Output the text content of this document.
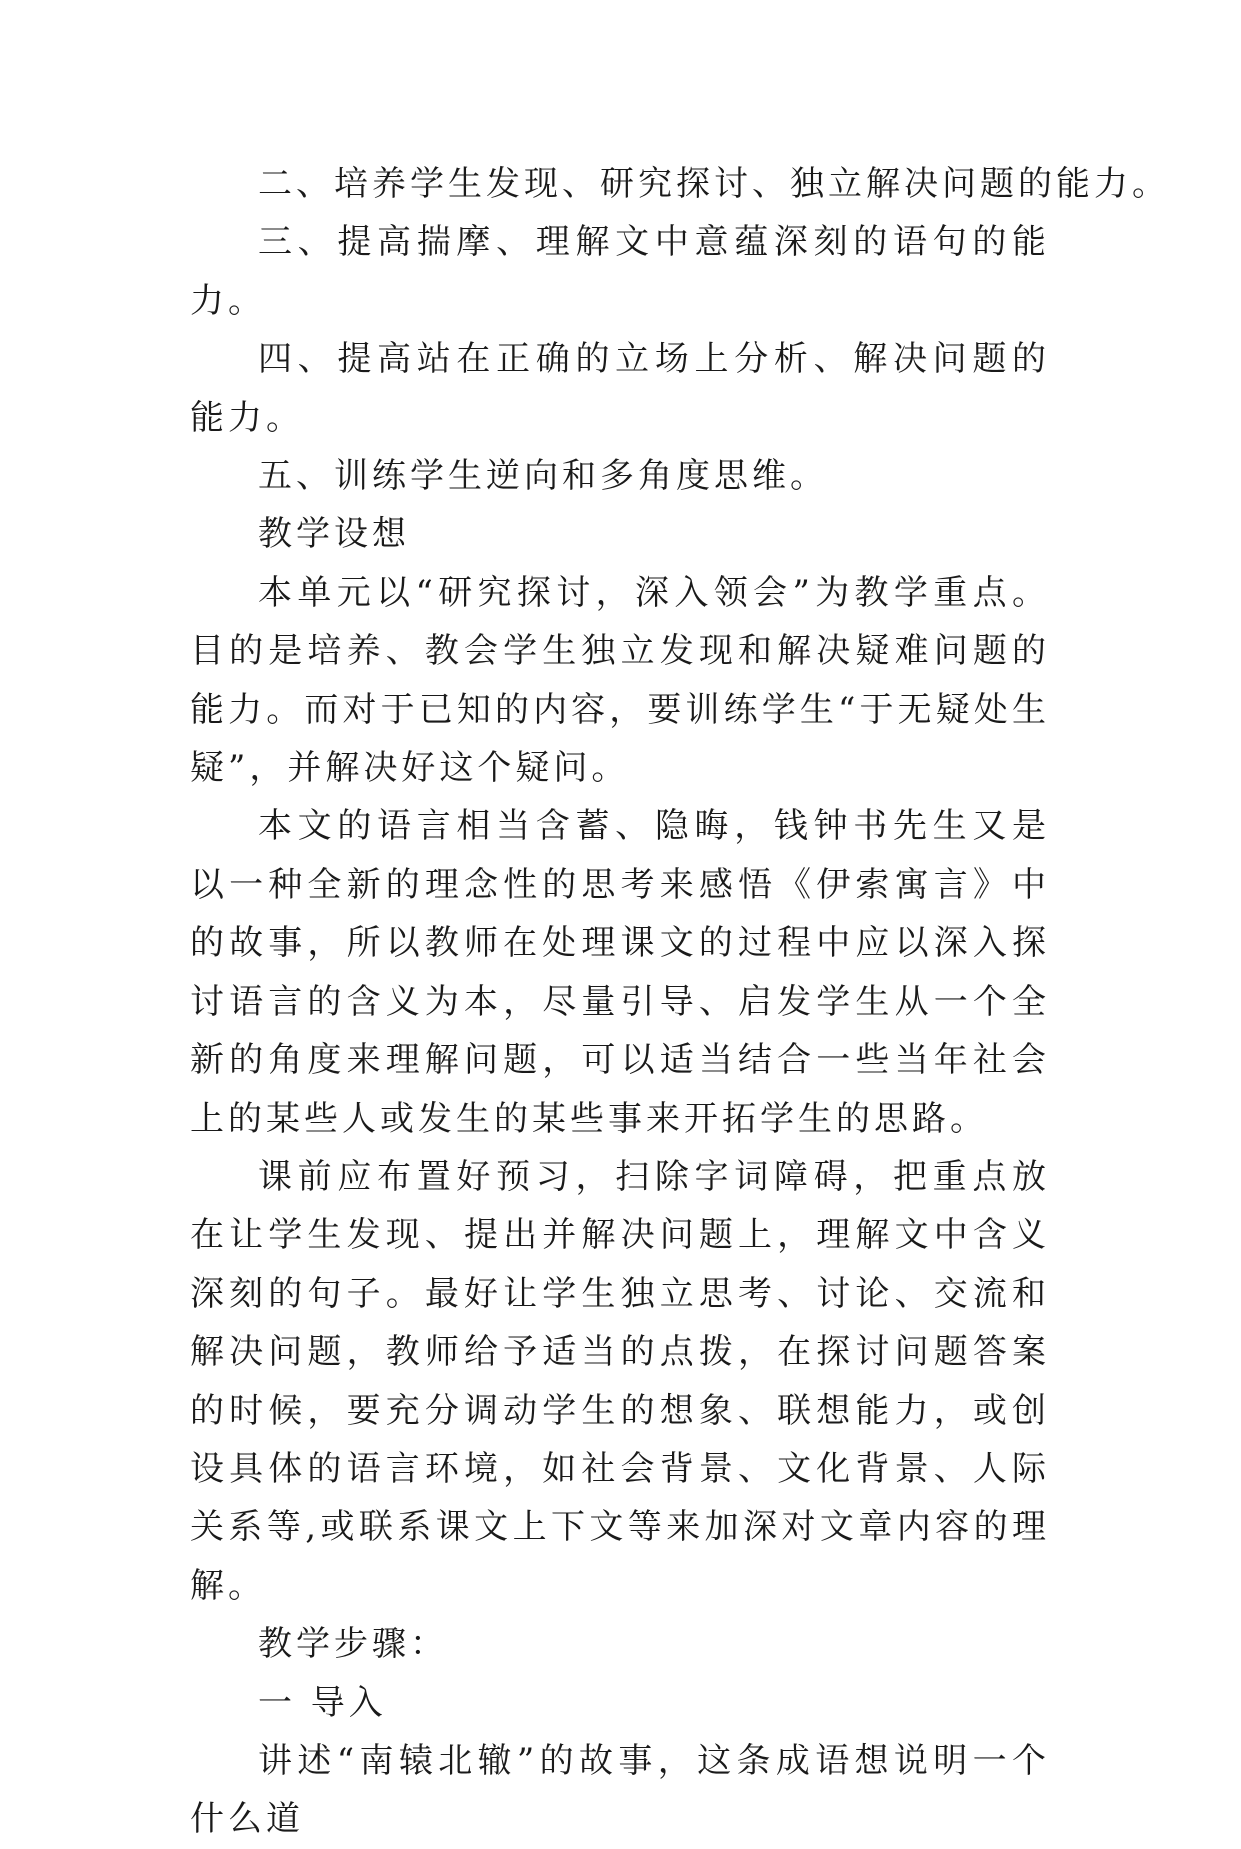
二、培养学生发现、研究探讨、独立解决问题的能力。

三、提高揣摩、理解文中意蕴深刻的语句的能力。

四、提高站在正确的立场上分析、解决问题的能力。

五、训练学生逆向和多角度思维。

教学设想

本单元以“研究探讨，深入领会”为教学重点。目的是培养、教会学生独立发现和解决疑难问题的能力。而对于已知的内容，要训练学生“于无疑处生疑”，并解决好这个疑问。

本文的语言相当含蓄、隐晦，钱钟书先生又是以一种全新的理念性的思考来感悟《伊索寓言》中的故事，所以教师在处理课文的过程中应以深入探讨语言的含义为本，尽量引导、启发学生从一个全新的角度来理解问题，可以适当结合一些当年社会上的某些人或发生的某些事来开拓学生的思路。

课前应布置好预习，扫除字词障碍，把重点放在让学生发现、提出并解决问题上，理解文中含义深刻的句子。最好让学生独立思考、讨论、交流和解决问题，教师给予适当的点拨，在探讨问题答案的时候，要充分调动学生的想象、联想能力，或创设具体的语言环境，如社会背景、文化背景、人际关系等,或联系课文上下文等来加深对文章内容的理解。

教学步骤：

一 导入

讲述“南辕北辙”的故事，这条成语想说明一个什么道
